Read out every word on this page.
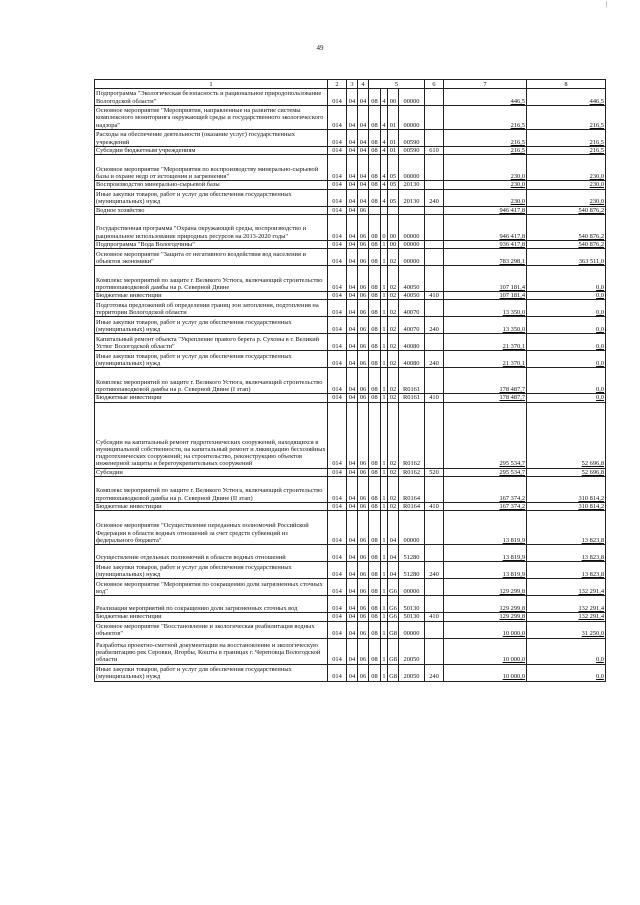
|
49
1	2	3	4	5				6	7	8
Подпрограмма "Экологическая безопасность и рациональное природопользование Вологодской области"	014	04	04	08	4	00	00000		446,5	446,5
Основное мероприятие "Мероприятия, направленные на развитие системы комплексного мониторинга окружающей среды и государственного экологического надзора"	014	04	04	08	4	01	00000		216,5	216,5
Расходы на обеспечение деятельности (оказание услуг) государственных учреждений	014	04	04	08	4	01	00590		216,5	216,5
Субсидии бюджетным учреждениям	014	04	04	08	4	01	00590	610	216,5	216,5
Основное мероприятие "Мероприятия по воспроизводству минерально-сырьевой базы и охране недр от истощения и загрязнения"	014	04	04	08	4	05	00000		230,0	230,0
Воспроизводство минерально-сырьевой базы	014	04	04	08	4	05	20130		230,0	230,0
Иные закупки товаров, работ и услуг для обеспечения государственных (муниципальных) нужд	014	04	04	08	4	05	20130	240	230,0	230,0
Водное хозяйство	014	04	06						946 417,8	540 876,2
Государственная программа "Охрана окружающей среды, воспроизводство и рациональное использование природных ресурсов на 2013-2020 годы"	014	04	06	08	0	00	00000		946 417,8	540 876,2
Подпрограмма "Вода Вологодчины"	014	04	06	08	1	00	00000		936 417,8	540 876,2
Основное мероприятие "Защита от негативного воздействия вод населения и объектов экономики"	014	04	06	08	1	02	00000		783 298,1	363 511,0
Комплекс мероприятий по защите г. Великого Устюга, включающий строительство противопаводковой дамбы на р. Северной Двине	014	04	06	08	1	02	40050		107 181,4	0,0
Бюджетные инвестиции	014	04	06	08	1	02	40050	410	107 181,4	0,0
Подготовка предложений об определении границ зон затопления, подтопления на территории Вологодской области	014	04	06	08	1	02	40070		13 350,0	0,0
Иные закупки товаров, работ и услуг для обеспечения государственных (муниципальных) нужд	014	04	06	08	1	02	40070	240	13 350,0	0,0
Капитальный ремонт объекта "Укрепление правого берега р. Сухоны в г. Великий Устюг Вологодской области"	014	04	06	08	1	02	40080		21 370,1	0,0
Иные закупки товаров, работ и услуг для обеспечения государственных (муниципальных) нужд	014	04	06	08	1	02	40080	240	21 370,1	0,0
Комплекс мероприятий по защите г. Великого Устюга, включающий строительство противопаводковой дамбы на р. Северной Двине (I этап)	014	04	06	08	1	02	R0161		178 487,7	0,0
Бюджетные инвестиции	014	04	06	08	1	02	R0161	410	178 487,7	0,0
Субсидии на капитальный ремонт гидротехнических сооружений, находящихся в муниципальной собственности, на капитальный ремонт и ликвидацию бесхозяйных гидротехнических сооружений; на строительство, реконструкцию объектов инженерной защиты и берегоукрепительных сооружений	014	04	06	08	1	02	R0162		295 534,7	52 696,8
Субсидии	014	04	06	08	1	02	R0162	520	295 534,7	52 696,8
Комплекс мероприятий по защите г. Великого Устюга, включающий строительство противопаводковой дамбы на р. Северной Двине (II этап)	014	04	06	08	1	02	R0164		167 374,2	310 814,2
Бюджетные инвестиции	014	04	06	08	1	02	R0164	410	167 374,2	310 814,2
Основное мероприятие "Осуществление переданных полномочий Российской Федерации в области водных отношений за счет средств субвенций из федерального бюджета"	014	04	06	08	1	04	00000		13 819,9	13 823,8
Осуществление отдельных полномочий в области водных отношений	014	04	06	08	1	04	51280		13 819,9	13 823,8
Иные закупки товаров, работ и услуг для обеспечения государственных (муниципальных) нужд	014	04	06	08	1	04	51280	240	13 819,9	13 823,8
Основное мероприятие "Мероприятия по сокращению доли загрязненных сточных вод"	014	04	06	08	1	G6	00000		129 299,8	132 291,4
Реализация мероприятий по сокращению доли загрязненных сточных вод	014	04	06	08	1	G6	50130		129 299,8	132 291,4
Бюджетные инвестиции	014	04	06	08	1	G6	50130	410	129 299,8	132 291,4
Основное мероприятие "Восстановление и экологическая реабилитация водных объектов"	014	04	06	08	1	G8	00000		10 000,0	31 250,0
Разработка проектно-сметной документации на восстановление и экологическую реабилитацию рек Серовки, Ягорбы, Кошты в границах г. Череповца Вологодской области	014	04	06	08	1	G8	20050		10 000,0	0,0
Иные закупки товаров, работ и услуг для обеспечения государственных (муниципальных) нужд	014	04	06	08	1	G8	20050	240	10 000,0	0,0
